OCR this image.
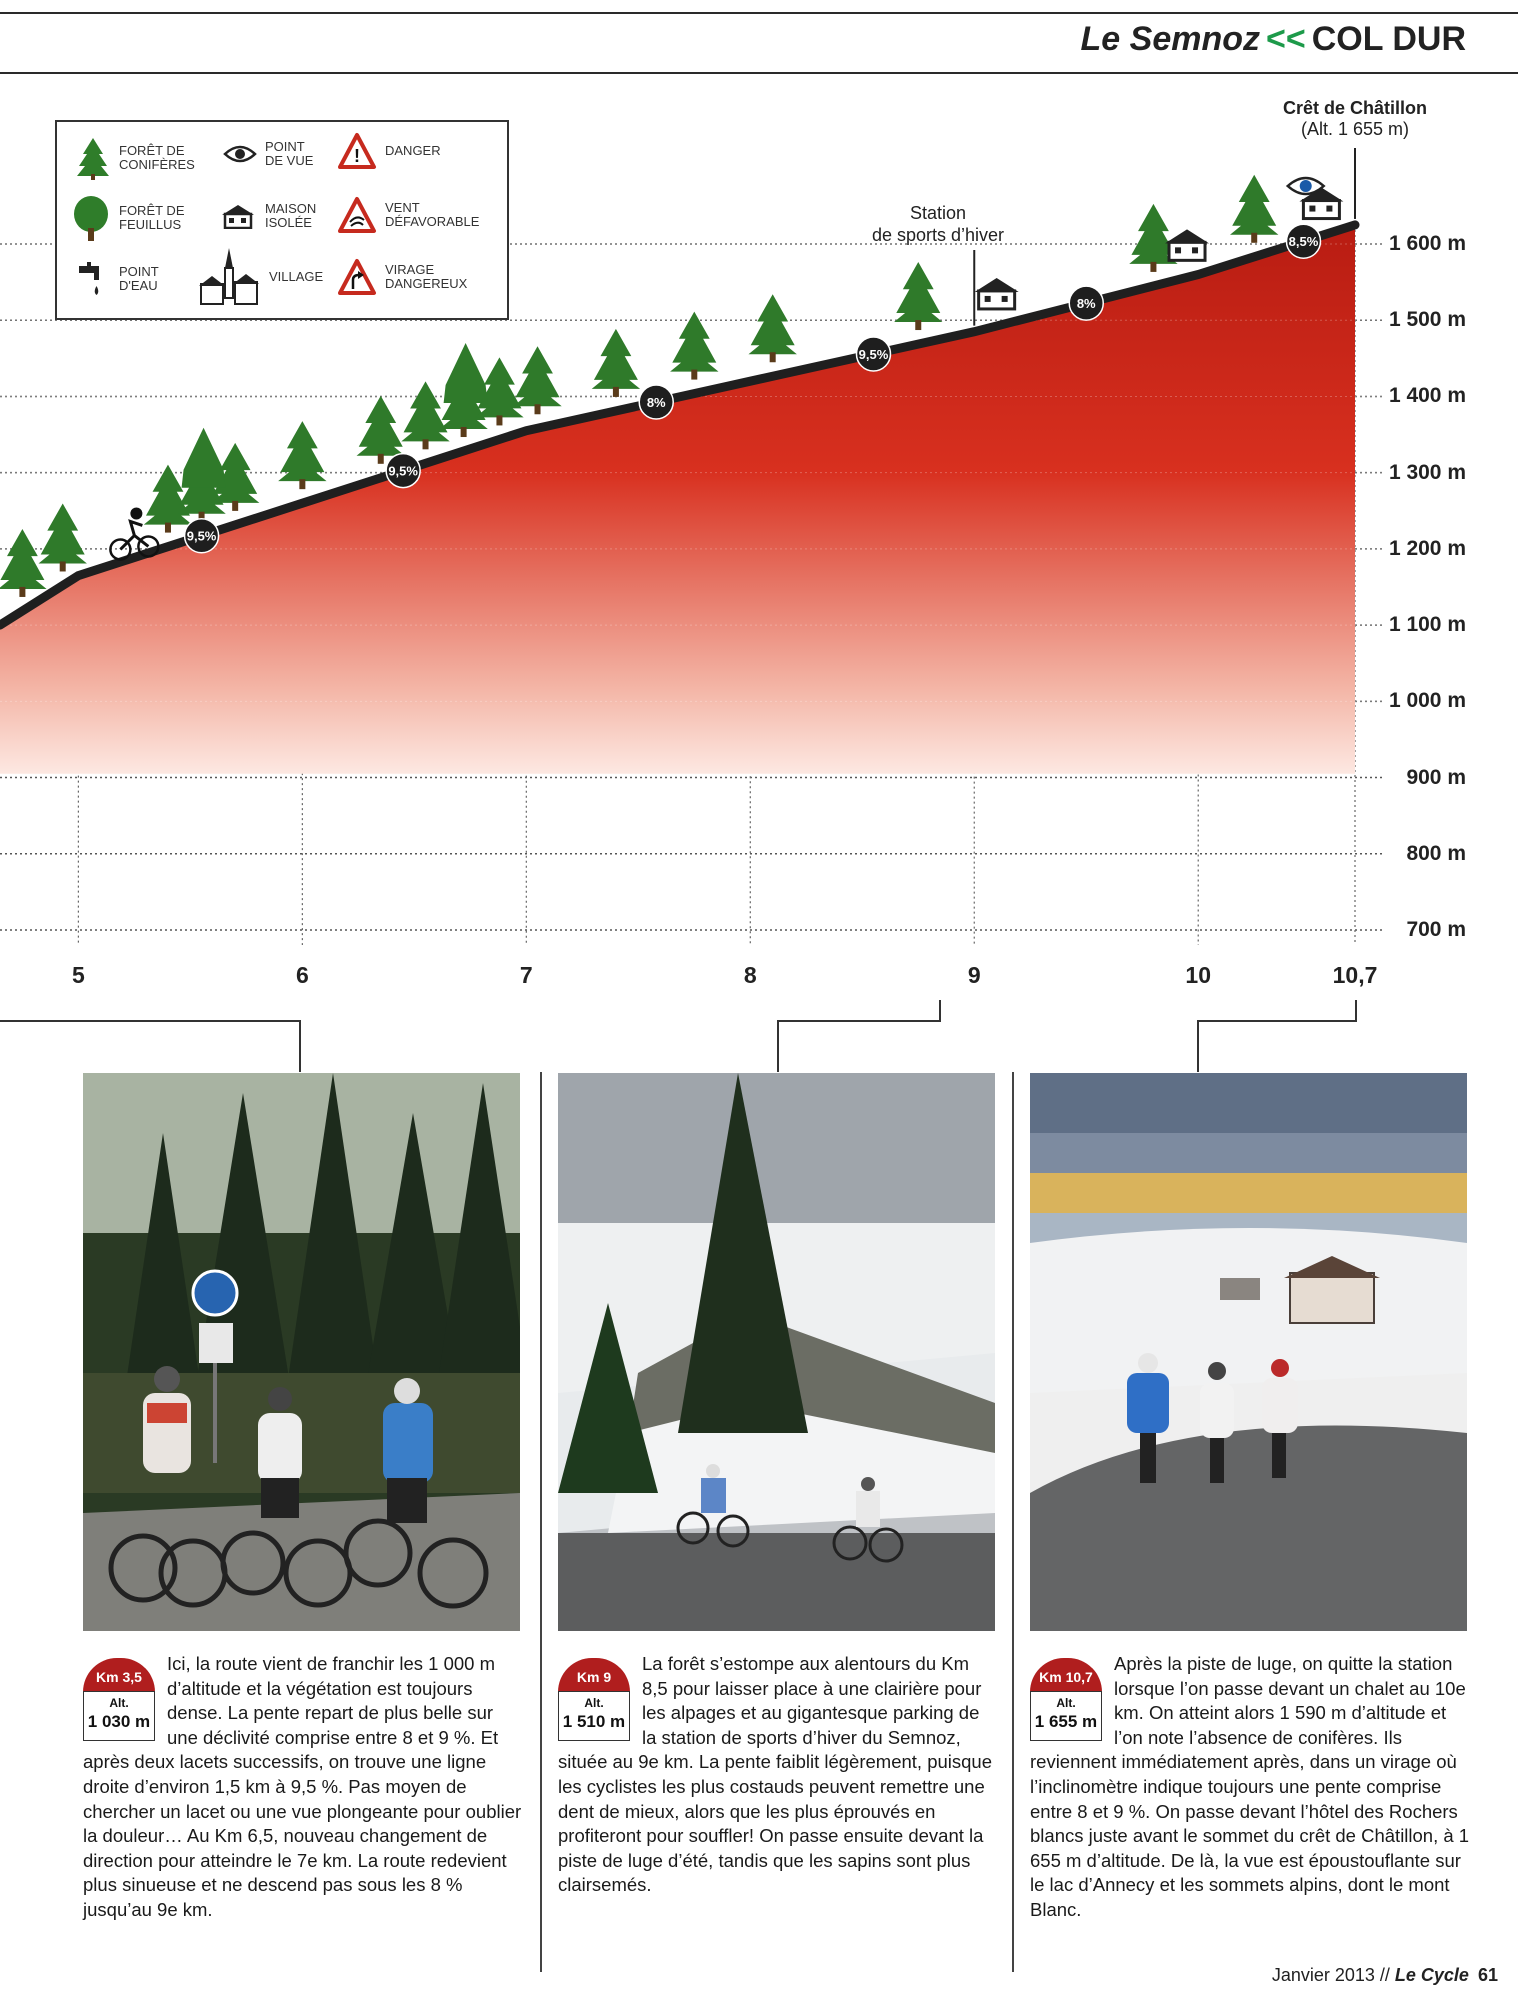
Le Semnoz << COL DUR
9,5%
9,5%
8%
9,5%
8%
8,5%
FORÊT DE CONIFÈRES
POINT DE VUE	! DANGER
FORÊT DE FEUILLUS
MAISON ISOLÉE
VENT DÉFAVORABLE
POINT D'EAU
VILLAGE	VIRAGE DANGEREUX
Crêt de Châtillon
(Alt. 1 655 m)
Station
de sports d’hiver	1 600 m
1 500 m
1 400 m
1 300 m
1 200 m
1 100 m
1 000 m
900 m
800 m
700 m
5	6	7	8	9	10	10,7
Km 3,5
Alt.
1 030 m

Ici, la route vient de franchir les 1 000 m d’altitude et la végétation est toujours dense. La pente repart de plus belle sur une déclivité comprise entre 8 et 9 %. Et après deux lacets successifs, on trouve une ligne droite d’environ 1,5 km à 9,5 %. Pas moyen de chercher un lacet ou une vue plongeante pour oublier la douleur… Au Km 6,5, nouveau changement de direction pour atteindre le 7e km. La route redevient plus sinueuse et ne descend pas sous les 8 % jusqu’au 9e km.

Km 9
Alt.
1 510 m

La forêt s’estompe aux alentours du Km 8,5 pour laisser place à une clairière pour les alpages et au gigantesque parking de la station de sports d’hiver du Semnoz, située au 9e km. La pente faiblit légèrement, puisque les cyclistes les plus costauds peuvent remettre une dent de mieux, alors que les plus éprouvés en profiteront pour souffler! On passe ensuite devant la piste de luge d’été, tandis que les sapins sont plus clairsemés.

Km 10,7
Alt.
1 655 m

Après la piste de luge, on quitte la station lorsque l’on passe devant un chalet au 10e km. On atteint alors 1 590 m d’altitude et l’on note l’absence de conifères. Ils reviennent immédiatement après, dans un virage où l’inclinomètre indique toujours une pente comprise entre 8 et 9 %. On passe devant l’hôtel des Rochers blancs juste avant le sommet du crêt de Châtillon, à 1 655 m d’altitude. De là, la vue est époustouflante sur le lac d’Annecy et les sommets alpins, dont le mont Blanc.

Janvier 2013 // Le Cycle 61
